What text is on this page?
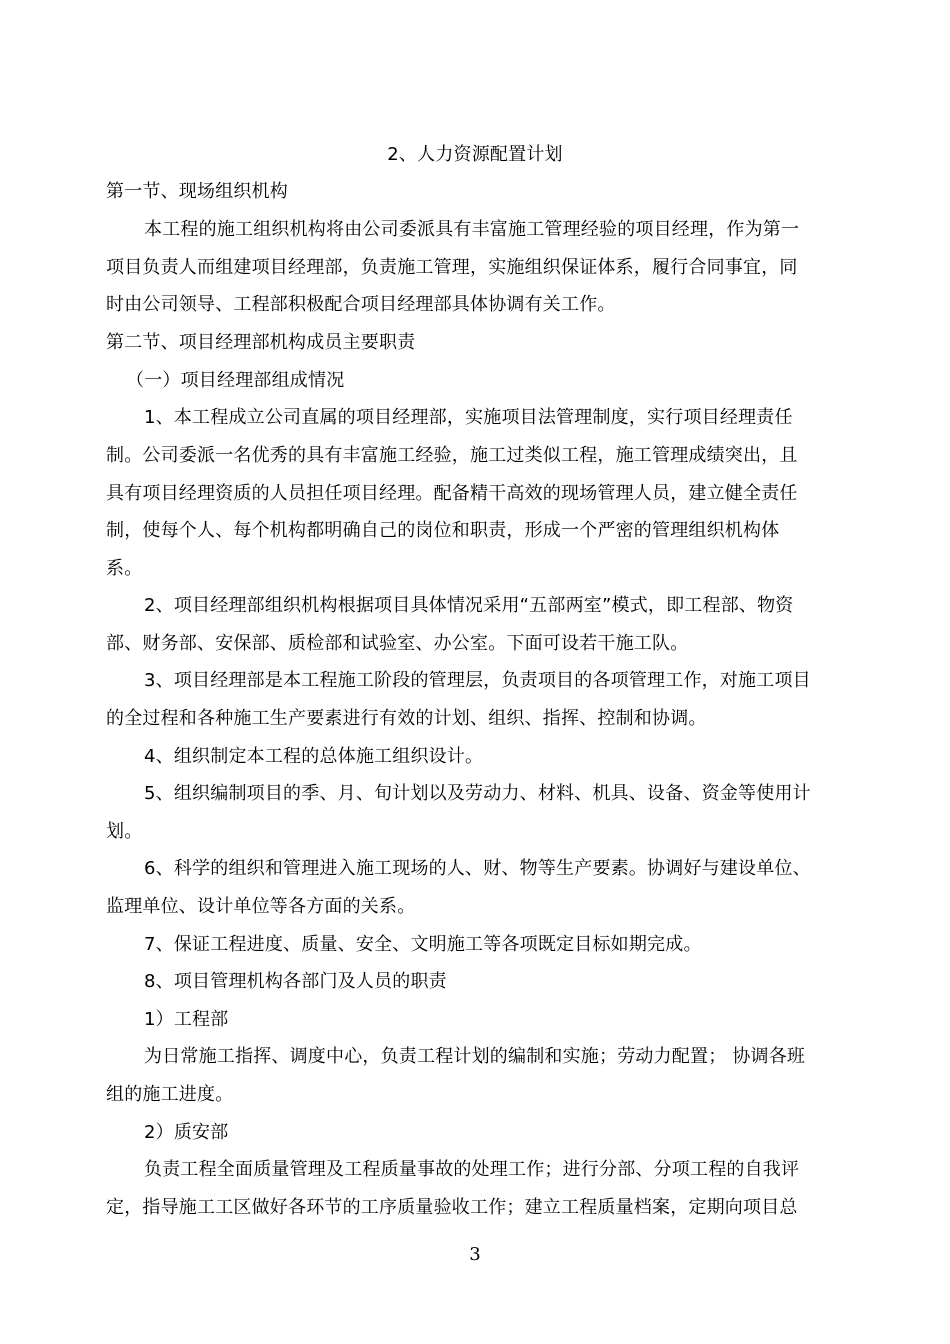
2、人力资源配置计划
第一节、现场组织机构
本工程的施工组织机构将由公司委派具有丰富施工管理经验的项目经理，作为第一
项目负责人而组建项目经理部，负责施工管理，实施组织保证体系，履行合同事宜，同
时由公司领导、工程部积极配合项目经理部具体协调有关工作。
第二节、项目经理部机构成员主要职责
（一）项目经理部组成情况
1、本工程成立公司直属的项目经理部，实施项目法管理制度，实行项目经理责任
制。公司委派一名优秀的具有丰富施工经验，施工过类似工程，施工管理成绩突出，且
具有项目经理资质的人员担任项目经理。配备精干高效的现场管理人员，建立健全责任
制，使每个人、每个机构都明确自己的岗位和职责，形成一个严密的管理组织机构体
系。
2、项目经理部组织机构根据项目具体情况采用“五部两室”模式，即工程部、物资
部、财务部、安保部、质检部和试验室、办公室。下面可设若干施工队。
3、项目经理部是本工程施工阶段的管理层，负责项目的各项管理工作，对施工项目
的全过程和各种施工生产要素进行有效的计划、组织、指挥、控制和协调。
4、组织制定本工程的总体施工组织设计。
5、组织编制项目的季、月、旬计划以及劳动力、材料、机具、设备、资金等使用计
划。
6、科学的组织和管理进入施工现场的人、财、物等生产要素。协调好与建设单位、
监理单位、设计单位等各方面的关系。
7、保证工程进度、质量、安全、文明施工等各项既定目标如期完成。
8、项目管理机构各部门及人员的职责
1）工程部
为日常施工指挥、调度中心，负责工程计划的编制和实施；劳动力配置； 协调各班
组的施工进度。
2）质安部
负责工程全面质量管理及工程质量事故的处理工作；进行分部、分项工程的自我评
定，指导施工工区做好各环节的工序质量验收工作；建立工程质量档案，定期向项目总
3
